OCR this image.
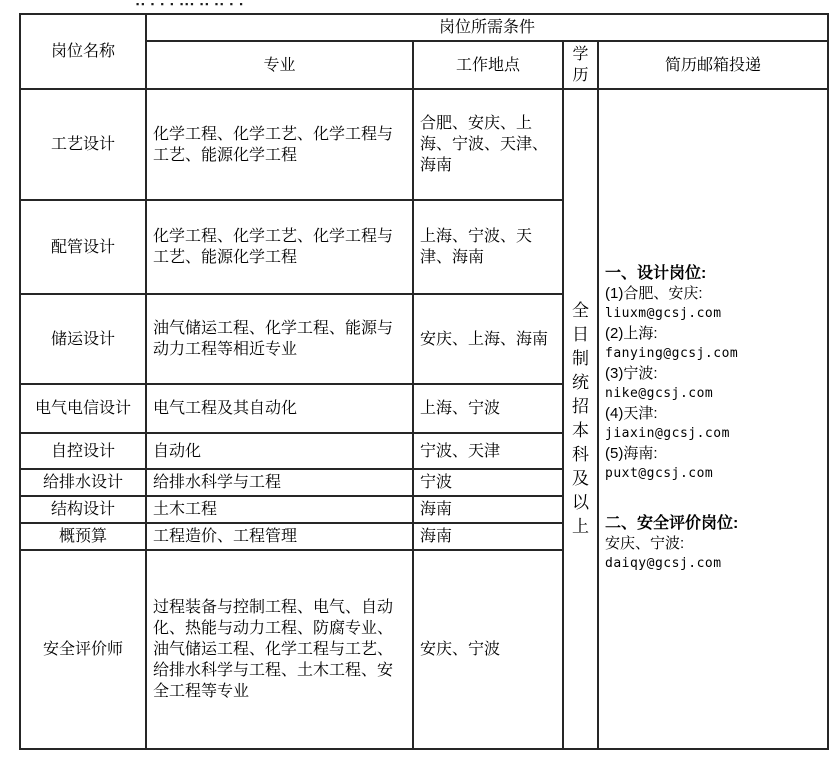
▪▪ ▪ ▪ ▪ ▪▪▪ ▪▪ ▪▪ ▪ ▪
岗位名称	岗位所需条件			
	专业	工作地点	学历	简历邮箱投递
工艺设计	化学工程、化学工艺、化学工程与工艺、能源化学工程	合肥、安庆、上海、宁波、天津、海南	全日制统招本科及以上	
一、设计岗位:
(1)合肥、安庆:
liuxm@gcsj.com
(2)上海:
fanying@gcsj.com
(3)宁波:
nike@gcsj.com
(4)天津:
jiaxin@gcsj.com
(5)海南:
puxt@gcsj.com
二、安全评价岗位:
安庆、宁波:
daiqy@gcsj.com

配管设计	化学工程、化学工艺、化学工程与工艺、能源化学工程	上海、宁波、天津、海南		
储运设计	油气储运工程、化学工程、能源与动力工程等相近专业	安庆、上海、海南		
电气电信设计	电气工程及其自动化	上海、宁波		
自控设计	自动化	宁波、天津		
给排水设计	给排水科学与工程	宁波		
结构设计	土木工程	海南		
概预算	工程造价、工程管理	海南		
安全评价师	过程装备与控制工程、电气、自动化、热能与动力工程、防腐专业、油气储运工程、化学工程与工艺、给排水科学与工程、土木工程、安全工程等专业	安庆、宁波		
